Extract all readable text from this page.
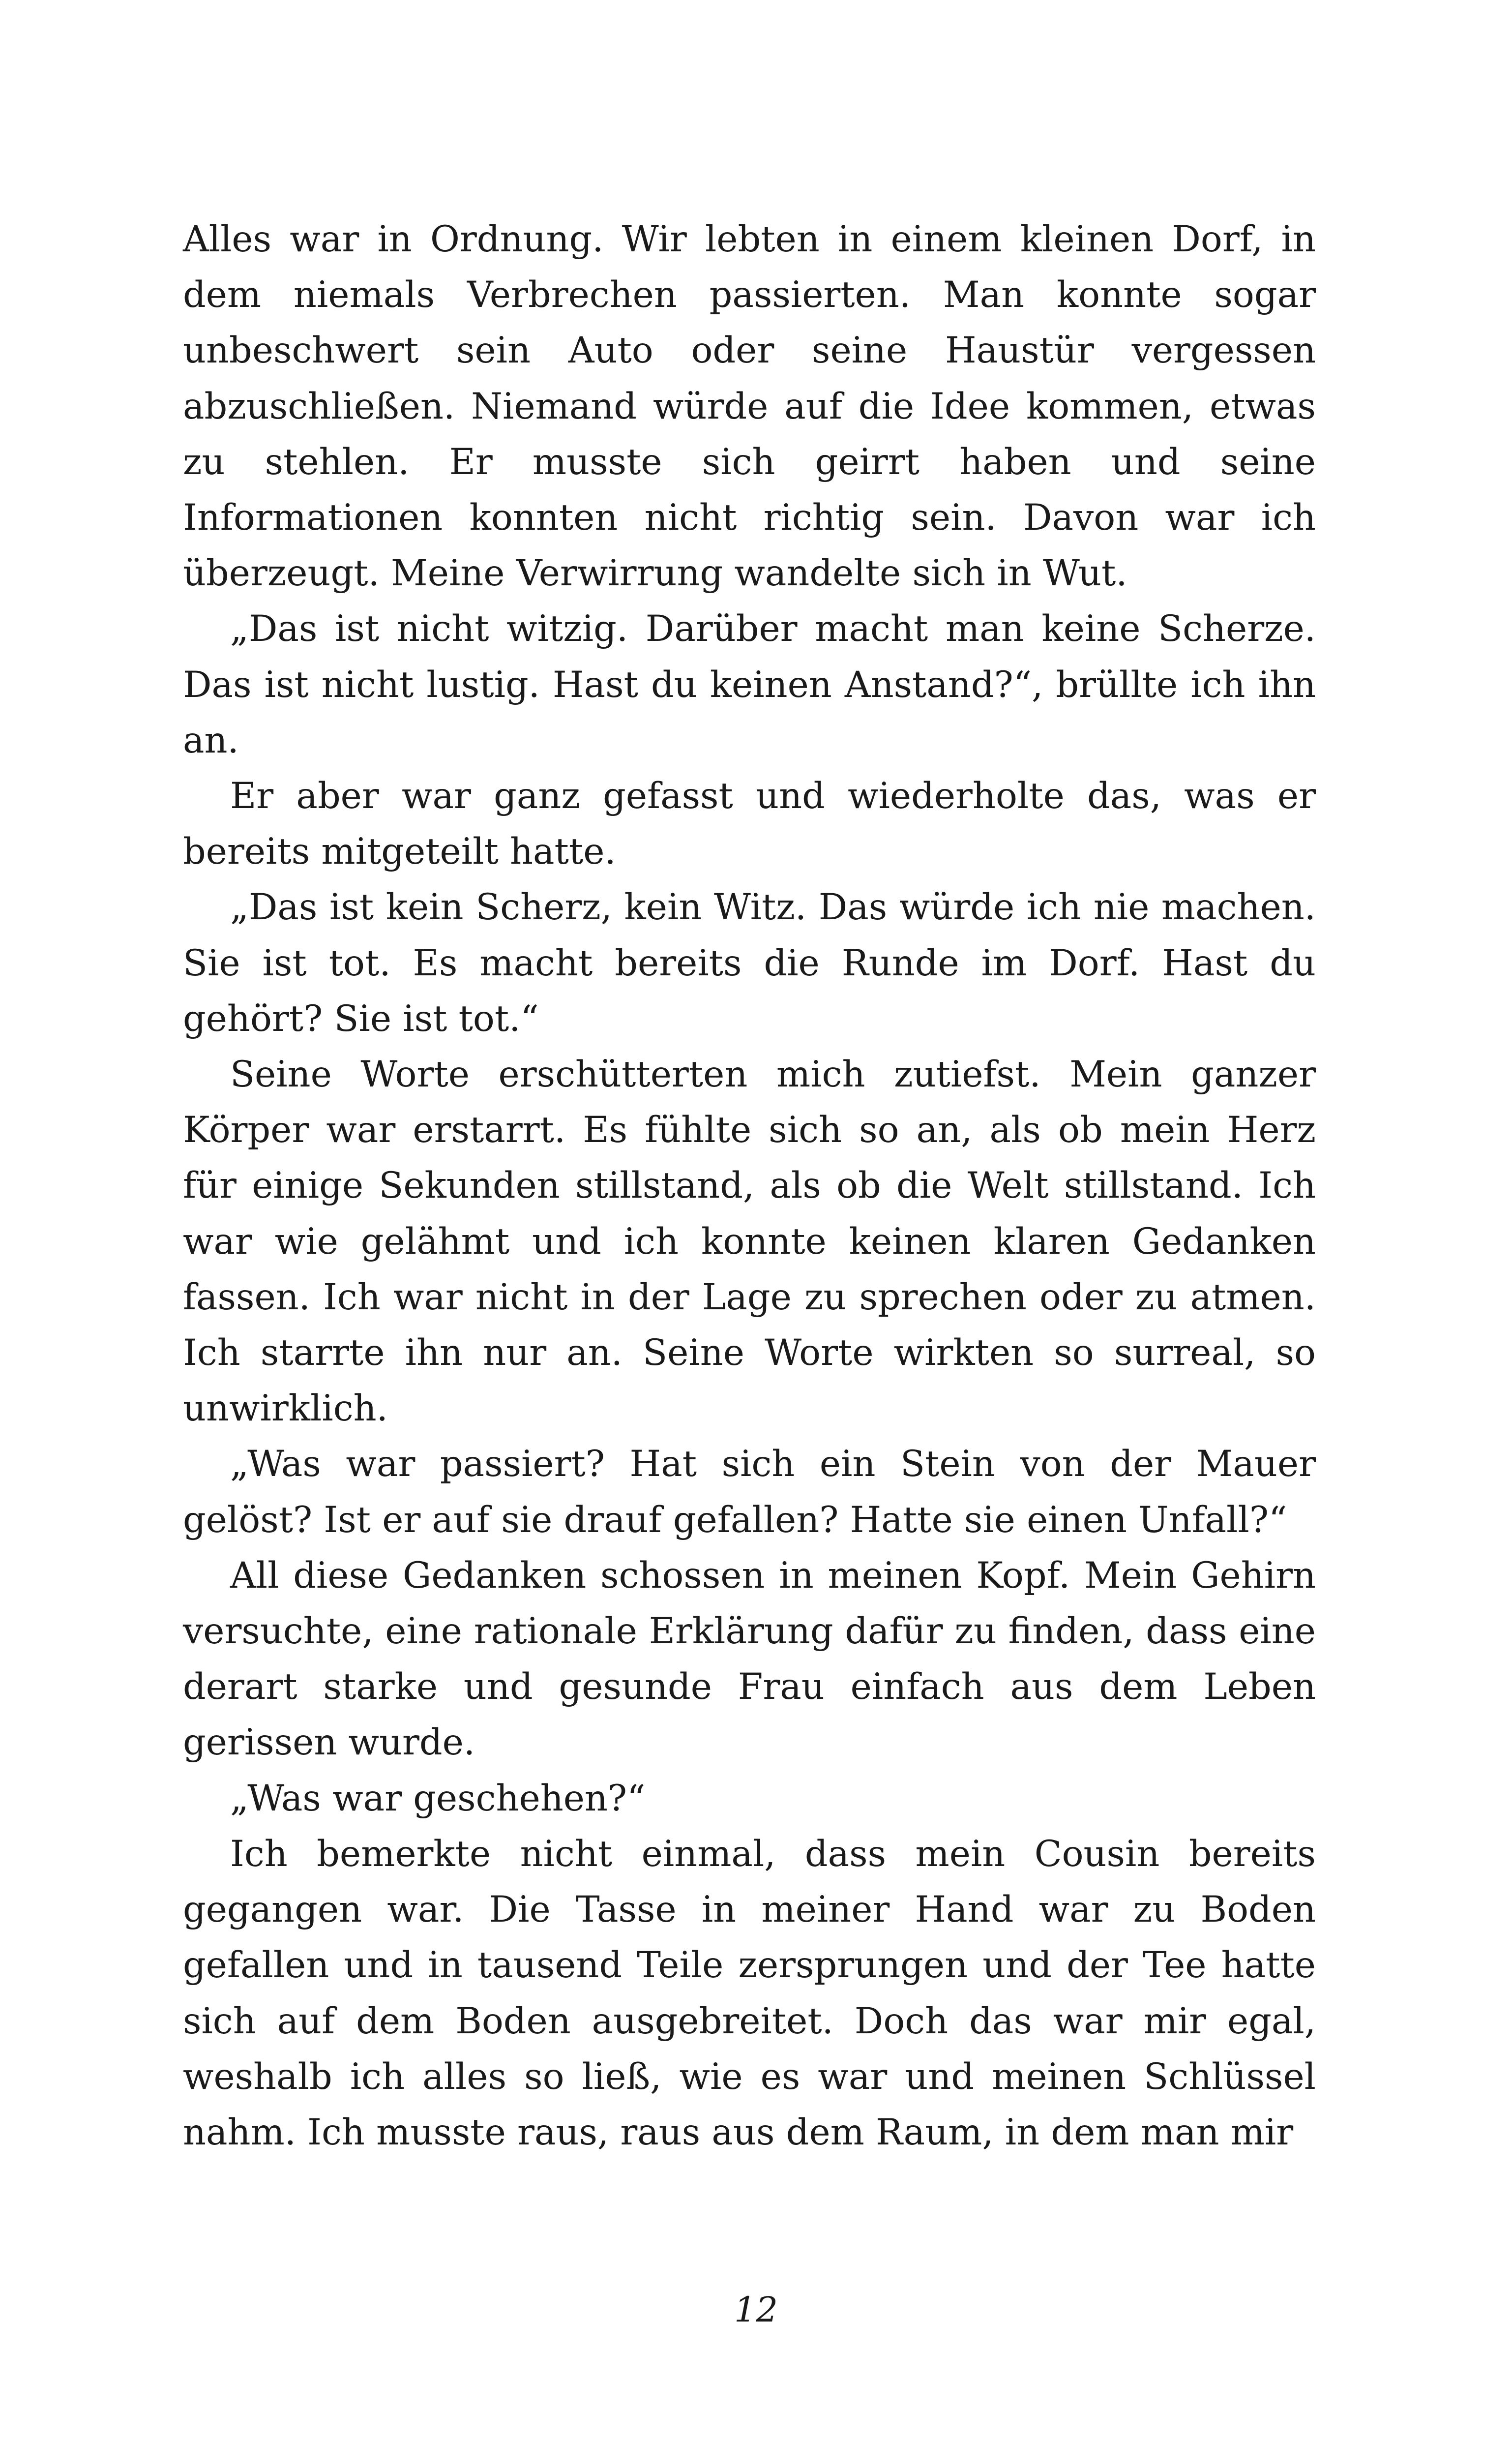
Alles war in Ordnung. Wir lebten in einem kleinen Dorf, in dem niemals Verbrechen passierten. Man konnte sogar unbeschwert sein Auto oder seine Haustür vergessen abzuschließen. Niemand würde auf die Idee kommen, etwas zu stehlen. Er musste sich geirrt haben und seine Informationen konnten nicht richtig sein. Davon war ich überzeugt. Meine Verwirrung wandelte sich in Wut.

„Das ist nicht witzig. Darüber macht man keine Scherze. Das ist nicht lustig. Hast du keinen Anstand?“, brüllte ich ihn an.

Er aber war ganz gefasst und wiederholte das, was er bereits mitgeteilt hatte.

„Das ist kein Scherz, kein Witz. Das würde ich nie machen. Sie ist tot. Es macht bereits die Runde im Dorf. Hast du gehört? Sie ist tot.“

Seine Worte erschütterten mich zutiefst. Mein ganzer Körper war erstarrt. Es fühlte sich so an, als ob mein Herz für einige Sekunden stillstand, als ob die Welt stillstand. Ich war wie gelähmt und ich konnte keinen klaren Gedanken fassen. Ich war nicht in der Lage zu sprechen oder zu atmen. Ich starrte ihn nur an. Seine Worte wirkten so surreal, so unwirklich.

„Was war passiert? Hat sich ein Stein von der Mauer gelöst? Ist er auf sie drauf gefallen? Hatte sie einen Unfall?“

All diese Gedanken schossen in meinen Kopf. Mein Gehirn versuchte, eine rationale Erklärung dafür zu finden, dass eine derart starke und gesunde Frau einfach aus dem Leben gerissen wurde.

„Was war geschehen?“

Ich bemerkte nicht einmal, dass mein Cousin bereits gegangen war. Die Tasse in meiner Hand war zu Boden gefallen und in tausend Teile zersprungen und der Tee hatte sich auf dem Boden ausgebreitet. Doch das war mir egal, weshalb ich alles so ließ, wie es war und meinen Schlüssel nahm. Ich musste raus, raus aus dem Raum, in dem man mir

12
